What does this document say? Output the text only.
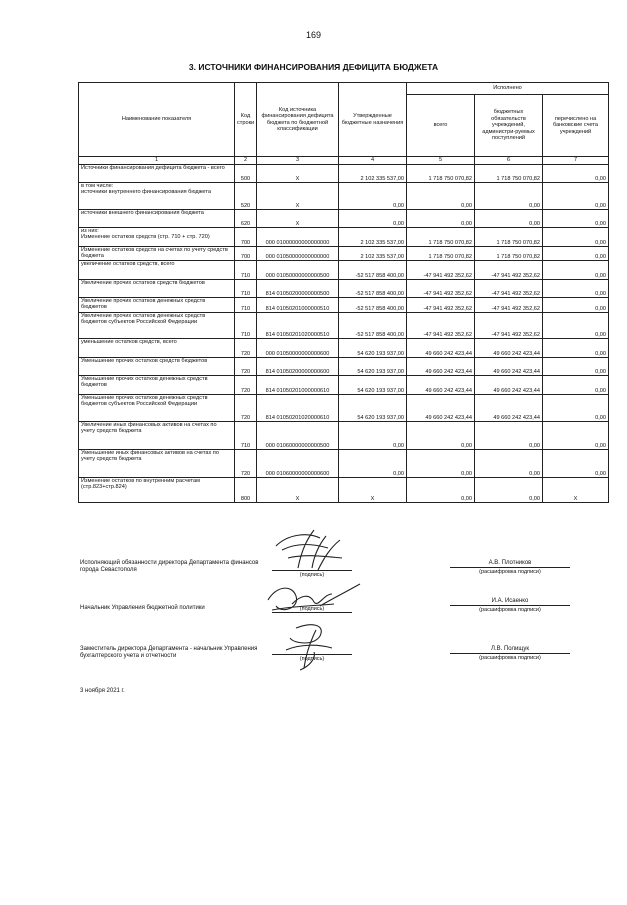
169
3. ИСТОЧНИКИ ФИНАНСИРОВАНИЯ ДЕФИЦИТА БЮДЖЕТА
Наименование показателя	Код строки	Код источника финансирования дефицита бюджета по бюджетной классификации	Утвержденные бюджетные назначения	Исполнено		
				всего	бюджетных обязательств учреждений, администри-руемых поступлений	перечислено на банковские счета учреждений
1	2	3	4	5	6	7
Источники финансирования дефицита бюджета - всего	500	X	2 102 335 537,00	1 718 750 070,82	1 718 750 070,82	0,00
в том числе:
источники внутреннего финансирования бюджета	520	X	0,00	0,00	0,00	0,00
источники внешнего финансирования бюджета	620	X	0,00	0,00	0,00	0,00
из них:
Изменение остатков средств (стр. 710 + стр. 720)	700	000 01000000000000000	2 102 335 537,00	1 718 750 070,82	1 718 750 070,82	0,00
Изменение остатков средств на счетах по учету средств бюджета	700	000 01050000000000000	2 102 335 537,00	1 718 750 070,82	1 718 750 070,82	0,00
увеличение остатков средств, всего	710	000 01050000000000500	-52 517 858 400,00	-47 941 492 352,62	-47 941 492 352,62	0,00
Увеличение прочих остатков средств бюджетов	710	814 01050200000000500	-52 517 858 400,00	-47 941 492 352,62	-47 941 492 352,62	0,00
Увеличение прочих остатков денежных средств бюджетов	710	814 01050201000000510	-52 517 858 400,00	-47 941 492 352,62	-47 941 492 352,62	0,00
Увеличение прочих остатков денежных средств бюджетов субъектов Российской Федерации	710	814 01050201020000510	-52 517 858 400,00	-47 941 492 352,62	-47 941 492 352,62	0,00
уменьшение остатков средств, всего	720	000 01050000000000600	54 620 193 937,00	49 660 242 423,44	49 660 242 423,44	0,00
Уменьшение прочих остатков средств бюджетов	720	814 01050200000000600	54 620 193 937,00	49 660 242 423,44	49 660 242 423,44	0,00
Уменьшение прочих остатков денежных средств бюджетов	720	814 01050201000000610	54 620 193 937,00	49 660 242 423,44	49 660 242 423,44	0,00
Уменьшение прочих остатков денежных средств бюджетов субъектов Российской Федерации	720	814 01050201020000610	54 620 193 937,00	49 660 242 423,44	49 660 242 423,44	0,00
Увеличение иных финансовых активов на счетах по учету средств бюджета	710	000 01060000000000500	0,00	0,00	0,00	0,00
Уменьшение иных финансовых активов на счетах по учету средств бюджета	720	000 01060000000000600	0,00	0,00	0,00	0,00
Изменение остатков по внутренним расчетам (стр.823+стр.824)	800	X	X	0,00	0,00	X
Исполняющий обязанности директора Департамента финансов города Севастополя
(подпись)
А.В. Плотников
(расшифровка подписи)
Начальник Управления бюджетной политики	(подпись)
И.А. Исаенко
(расшифровка подписи)
Заместитель директора Департамента - начальник Управления бухгалтерского учета и отчетности	(подпись)
Л.В. Полищук
(расшифровка подписи)
3 ноября 2021 г.
